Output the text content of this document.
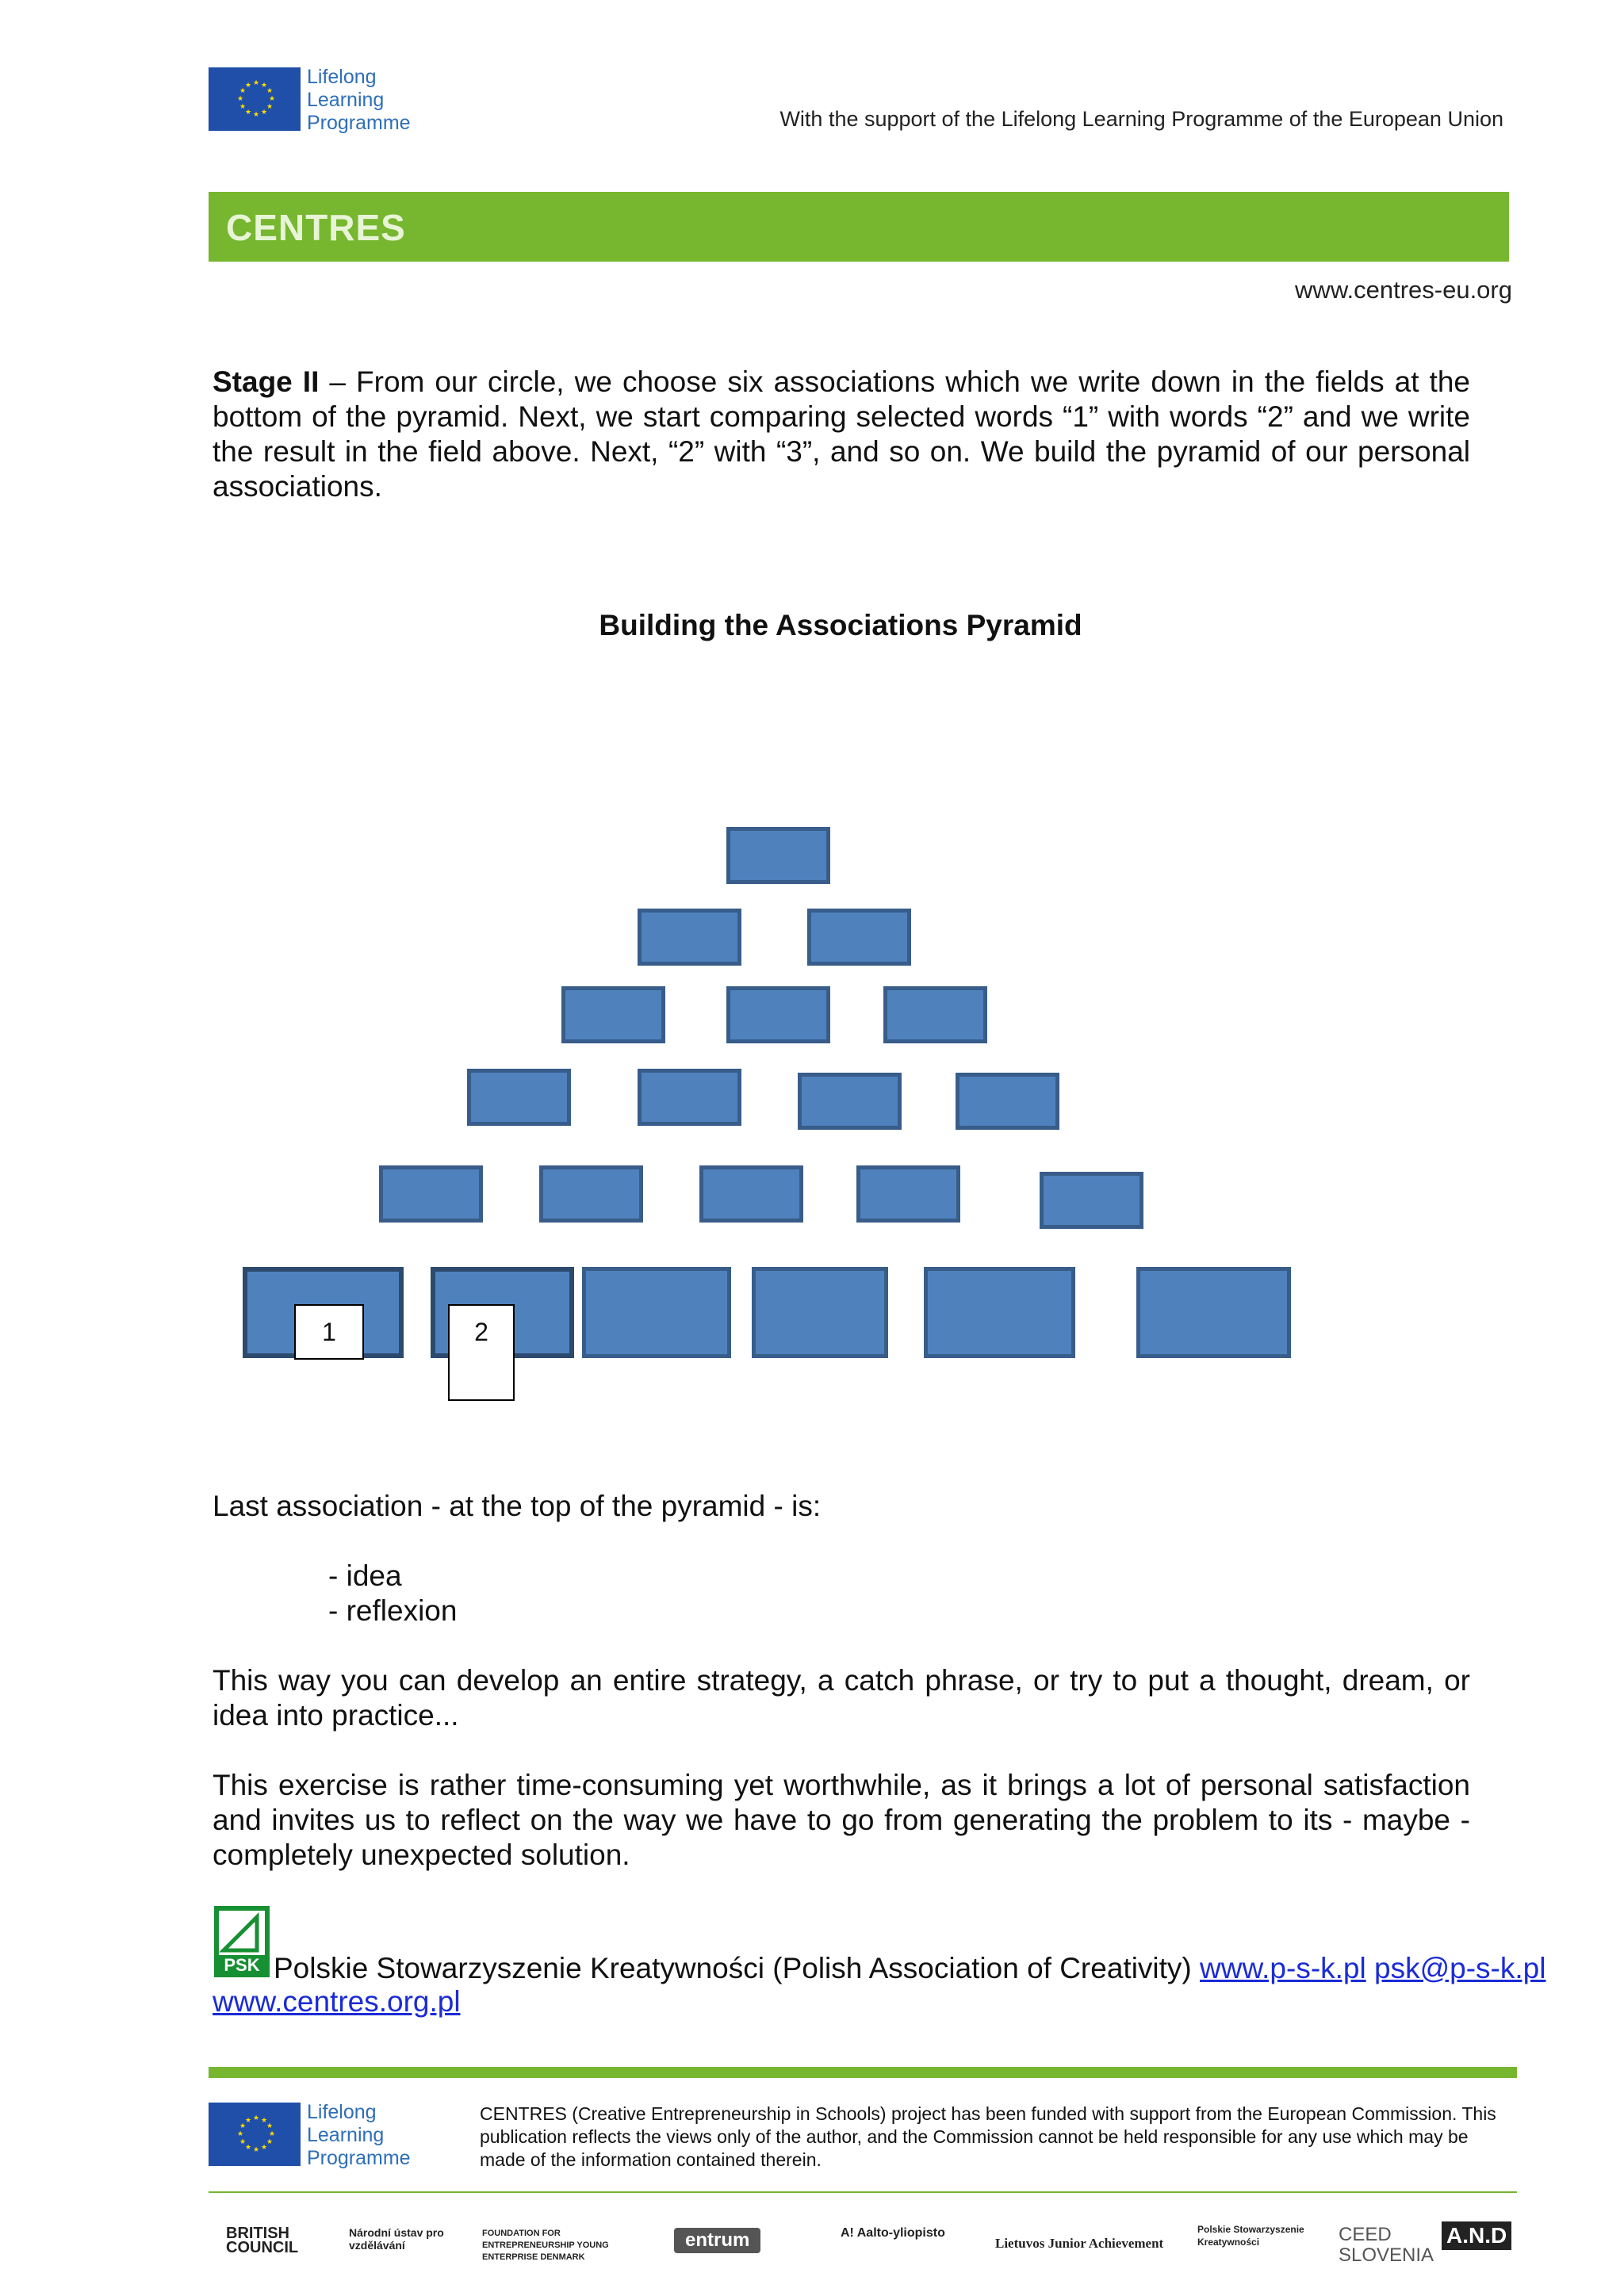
★ ★
★
★
★
★
★
★
★
★
★
★	Lifelong
Learning
Programme	With the support of the Lifelong Learning Programme of the European Union
CENTRES
www.centres-eu.org
Stage II – From our circle, we choose six associations which we write down in the fields at the bottom of the pyramid. Next, we start comparing selected words “1” with words “2” and we write the result in the field above. Next, “2” with “3”, and so on. We build the pyramid of our personal associations.
Building the Associations Pyramid
1	2
Last association - at the top of the pyramid - is:
- idea
- reflexion
This way you can develop an entire strategy, a catch phrase, or try to put a thought, dream, or idea into practice...
This exercise is rather time-consuming yet worthwhile, as it brings a lot of personal satisfaction and invites us to reflect on the way we have to go from generating the problem to its - maybe - completely unexpected solution.
PSK Polskie Stowarzyszenie Kreatywności (Polish Association of Creativity) www.p-s-k.pl psk@p-s-k.pl
www.centres.org.pl
★ ★
★
★
★
★
★
★
★
★
★
★	Lifelong
Learning
Programme
CENTRES (Creative Entrepreneurship in Schools) project has been funded with support from the European Commission. This publication reflects the views only of the author, and the Commission cannot be held responsible for any use which may be made of the information contained therein.
BRITISH COUNCIL
Národní ústav pro vzdělávání
FOUNDATION FOR ENTREPRENEURSHIP YOUNG ENTERPRISE DENMARK
entrum	A! Aalto-yliopisto
Lietuvos Junior Achievement
Polskie Stowarzyszenie Kreatywności	CEED SLOVENIA
A.N.D
